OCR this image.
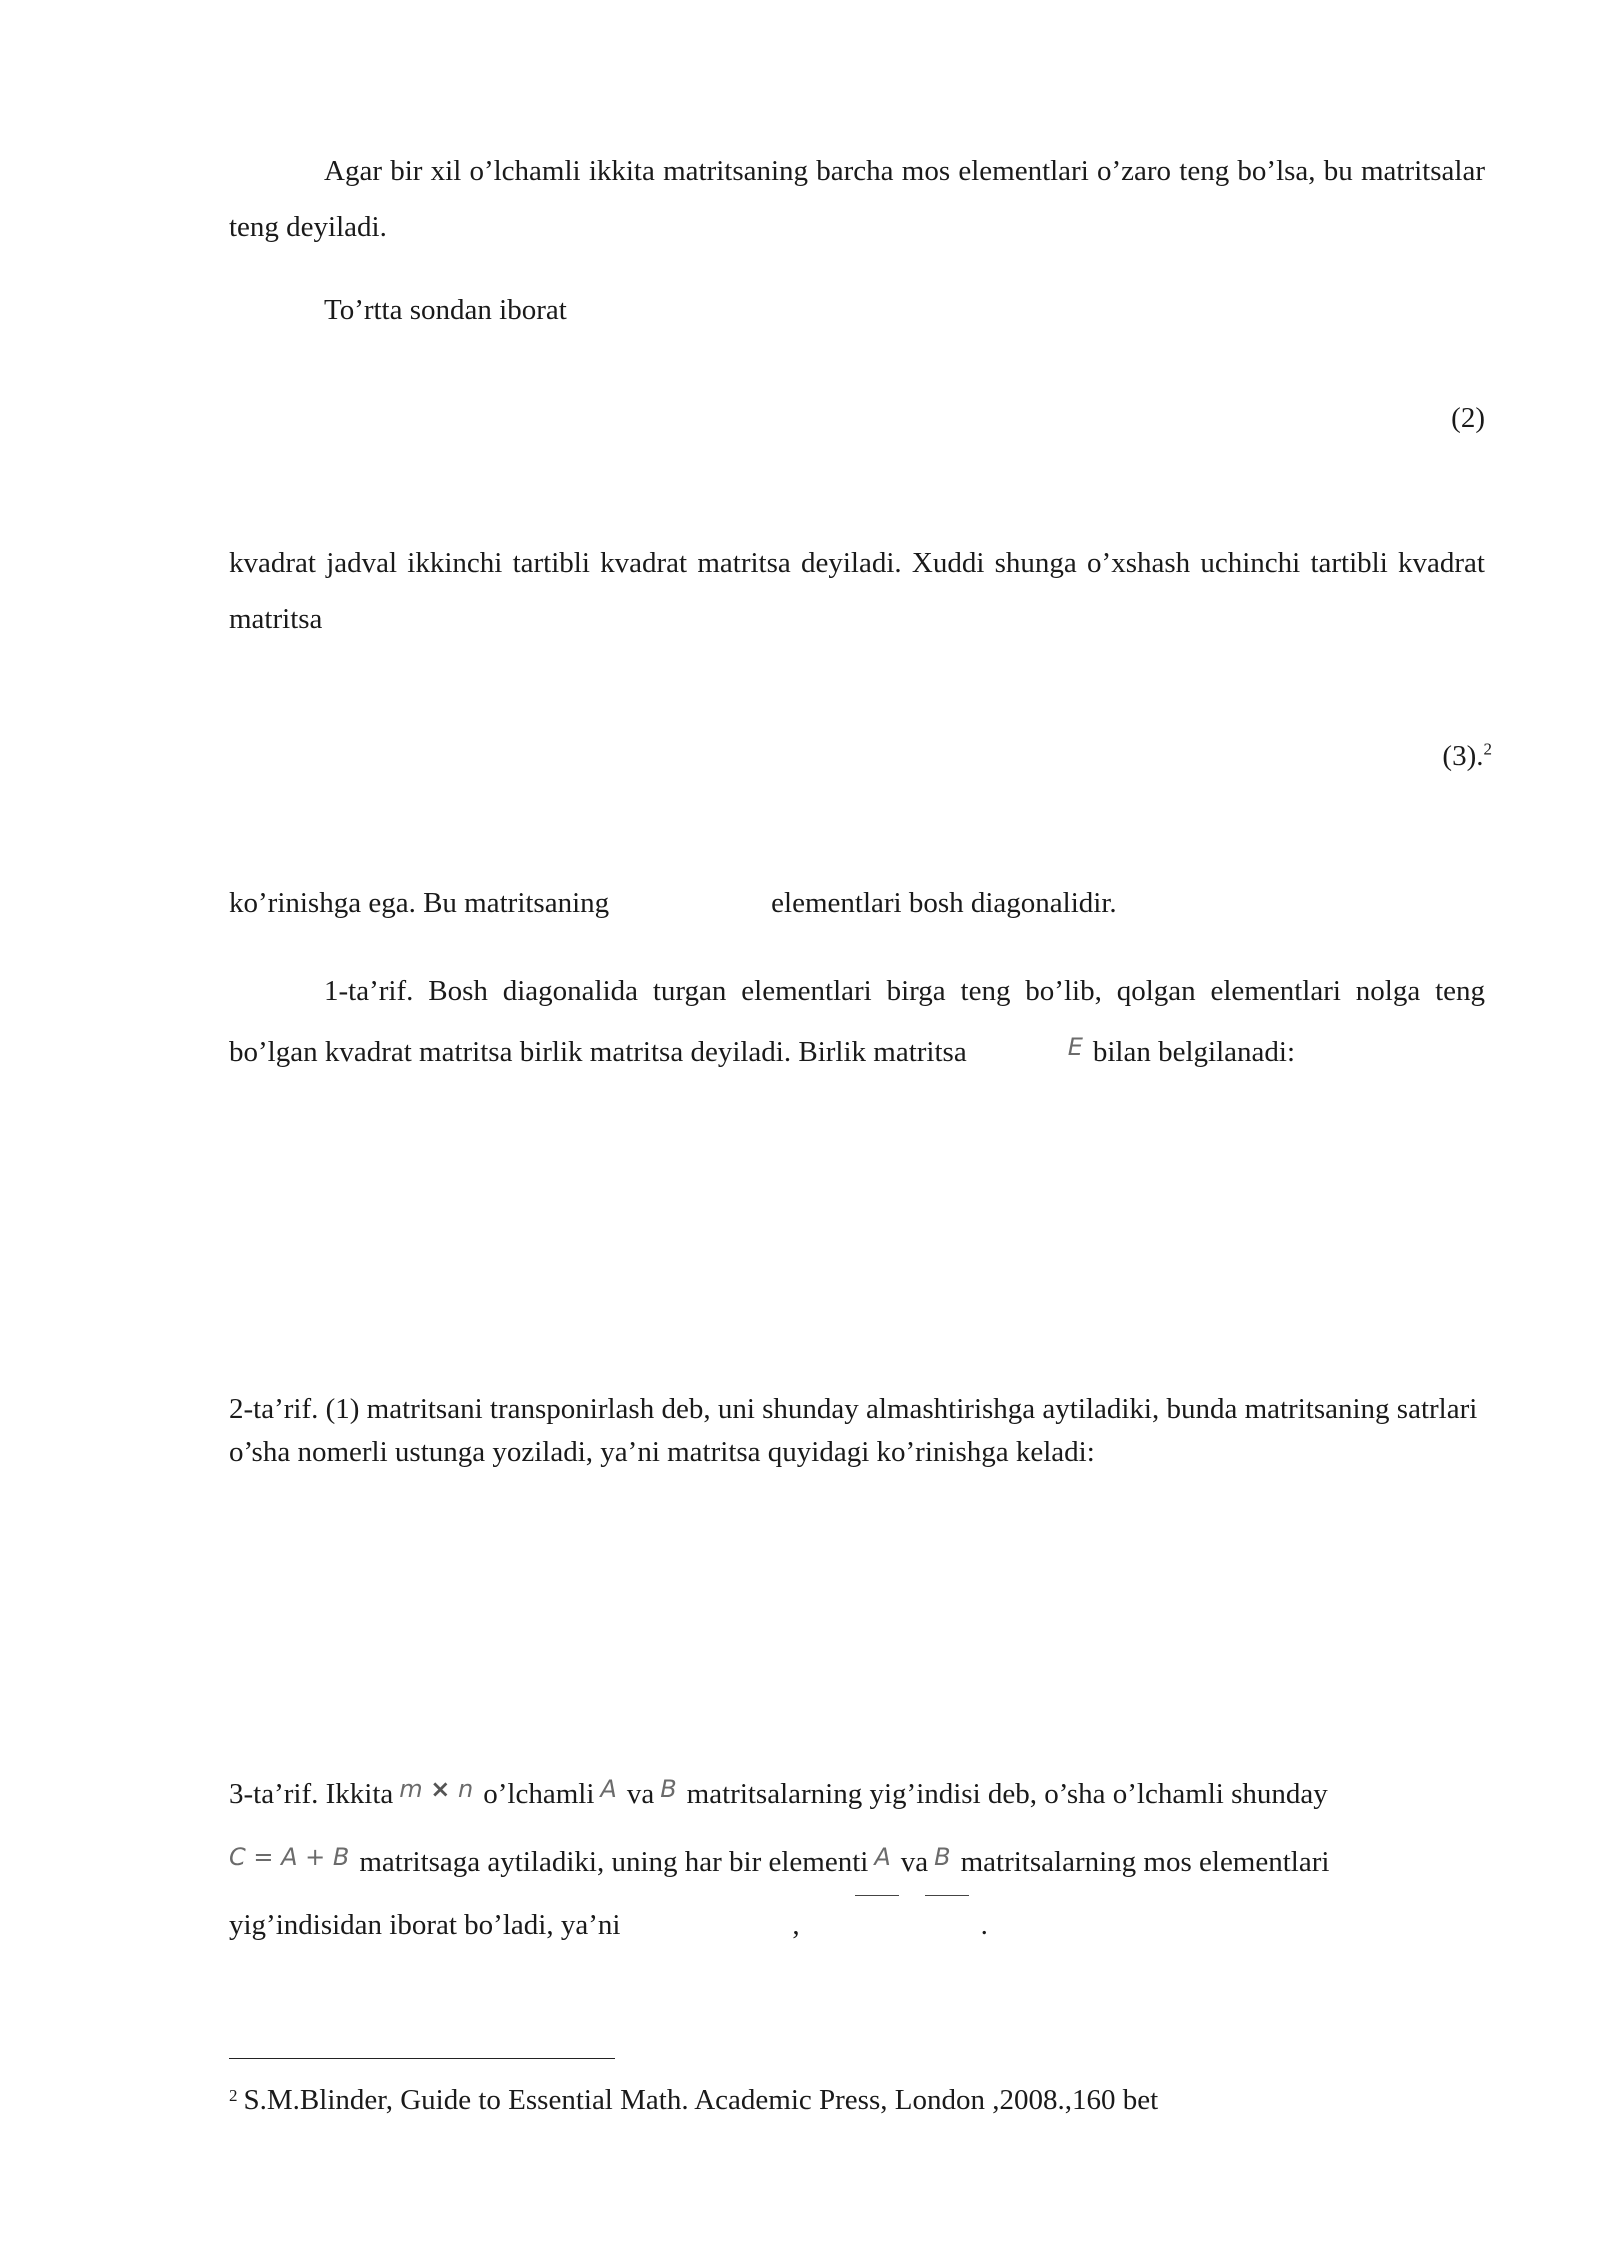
Agar bir xil o’lchamli ikkita matritsaning barcha mos elementlari o’zaro teng bo’lsa, bu matritsalar teng deyiladi.

To’rtta sondan iborat

(2)

kvadrat jadval ikkinchi tartibli kvadrat matritsa deyiladi. Xuddi shunga o’xshash uchinchi tartibli kvadrat matritsa

(3).$^2$

ko’rinishga ega. Bu matritsaning	elementlari bosh diagonalidir.

1-ta’rif. Bosh diagonalida turgan elementlari birga teng bo’lib, qolgan elementlari nolga teng bo’lgan kvadrat matritsa birlik matritsa deyiladi. Birlik matritsa	E bilan belgilanadi:

2-ta’rif. (1) matritsani transponirlash deb, uni shunday almashtirishga aytiladiki, bunda matritsaning satrlari o’sha nomerli ustunga yoziladi, ya’ni matritsa quyidagi ko’rinishga keladi:

3-ta’rif. Ikkita m × n o’lchamli A va B matritsalarning yig’indisi deb, o’sha o’lchamli shunday
C = A + B matritsaga aytiladiki, uning har bir elementi A va B matritsalarning mos elementlari yig’indisidan iborat bo’ladi, ya’ni	,	.

$^2$ S.M.Blinder, Guide to Essential Math. Academic Press, London ,2008.,160 bet
